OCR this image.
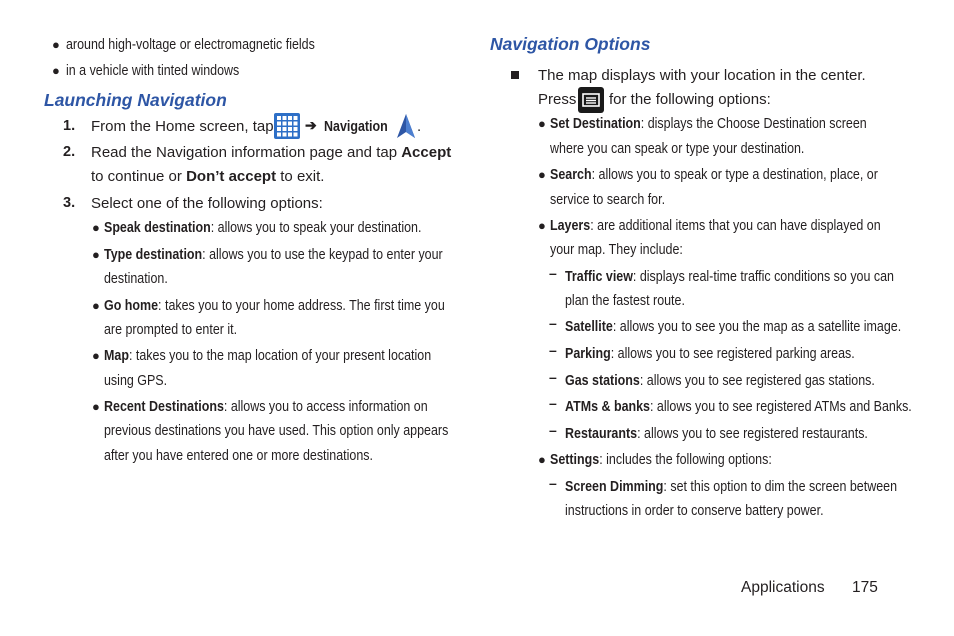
● around high-voltage or electromagnetic fields
● in a vehicle with tinted windows
Launching Navigation
1. From the Home screen, tap ➔ Navigation .
2. Read the Navigation information page and tap Accept
to continue or Don’t accept to exit.
3. Select one of the following options:
● Speak destination: allows you to speak your destination.
● Type destination: allows you to use the keypad to enter your
destination.
● Go home: takes you to your home address. The first time you
are prompted to enter it.
● Map: takes you to the map location of your present location
using GPS.
● Recent Destinations: allows you to access information on
previous destinations you have used. This option only appears
after you have entered one or more destinations.
Navigation Options
The map displays with your location in the center.
Press for the following options:
● Set Destination: displays the Choose Destination screen
where you can speak or type your destination.
● Search: allows you to speak or type a destination, place, or
service to search for.
● Layers: are additional items that you can have displayed on
your map. They include:
– Traffic view: displays real-time traffic conditions so you can
plan the fastest route.
– Satellite: allows you to see you the map as a satellite image.
– Parking: allows you to see registered parking areas.
– Gas stations: allows you to see registered gas stations.
– ATMs & banks: allows you to see registered ATMs and Banks.
– Restaurants: allows you to see registered restaurants.
● Settings: includes the following options:
– Screen Dimming: set this option to dim the screen between
instructions in order to conserve battery power.
Applications 175
